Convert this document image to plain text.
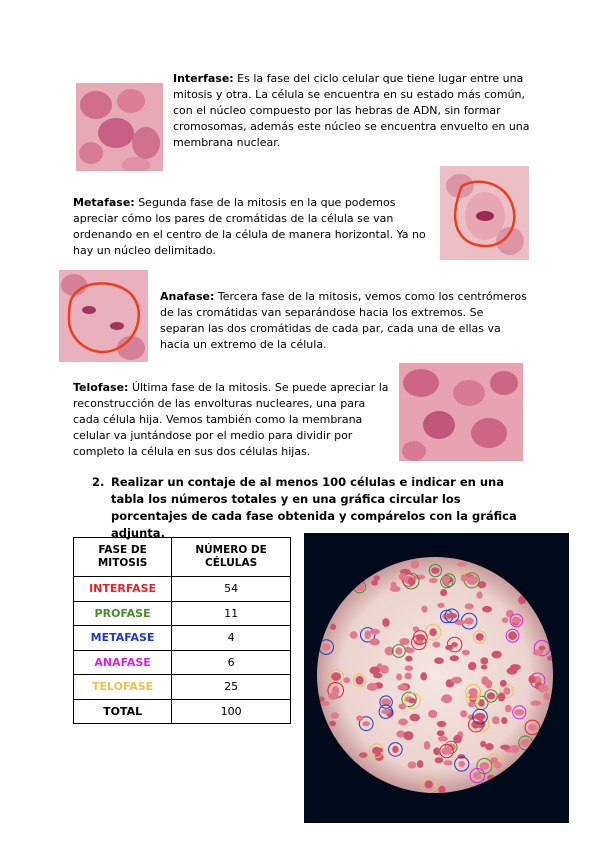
Interfase: Es la fase del ciclo celular que tiene lugar entre una mitosis y otra. La célula se encuentra en su estado más común, con el núcleo compuesto por las hebras de ADN, sin formar cromosomas, además este núcleo se encuentra envuelto en una membrana nuclear.
Metafase: Segunda fase de la mitosis en la que podemos apreciar cómo los pares de cromátidas de la célula se van ordenando en el centro de la célula de manera horizontal. Ya no hay un núcleo delimitado.
Anafase: Tercera fase de la mitosis, vemos como los centrómeros de las cromátidas van separándose hacia los extremos. Se separan las dos cromátidas de cada par, cada una de ellas va hacia un extremo de la célula.
Telofase: Última fase de la mitosis. Se puede apreciar la reconstrucción de las envolturas nucleares, una para cada célula hija. Vemos también como la membrana celular va juntándose por el medio para dividir por completo la célula en sus dos células hijas.
2. Realizar un contaje de al menos 100 células e indicar en una tabla los números totales y en una gráfica circular los porcentajes de cada fase obtenida y compárelos con la gráfica adjunta.
FASE DE MITOSIS	NÚMERO DE CÉLULAS
INTERFASE	54
PROFASE	11
METAFASE	4
ANAFASE	6
TELOFASE	25
TOTAL	100
